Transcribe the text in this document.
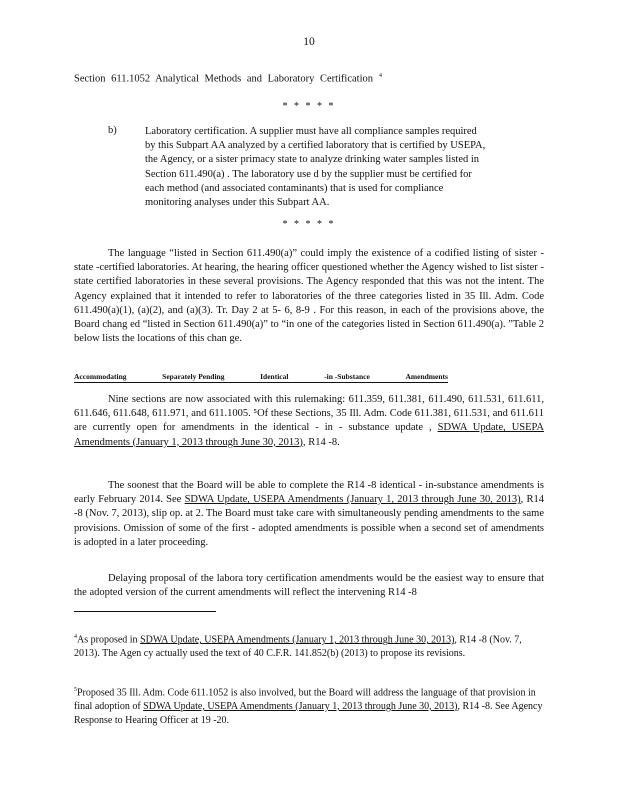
10
Section 611.1052 Analytical Methods and Laboratory Certification $^4$
* * * * *
b)	Laboratory certification. A supplier must have all compliance samples required

by this Subpart AA analyzed by a certified laboratory that is certified by USEPA,

the Agency, or a sister primacy state to analyze drinking water samples listed in

Section 611.490(a) . The laboratory use d by the supplier must be certified for

each method (and associated contaminants) that is used for compliance

monitoring analyses under this Subpart AA.

* * * * *
The language “listed in Section 611.490(a)” could imply the existence of a codified listing of sister -state -certified laboratories. At hearing, the hearing officer questioned whether the Agency wished to list sister -state certified laboratories in these several provisions. The Agency responded that this was not the intent. The Agency explained that it intended to refer to laboratories of the three categories listed in 35 Ill. Adm. Code 611.490(a)(1), (a)(2), and (a)(3). Tr. Day 2 at 5- 6, 8-9 . For this reason, in each of the provisions above, the Board chang ed “listed in Section 611.490(a)” to “in one of the categories listed in Section 611.490(a). ”Table 2 below lists the locations of this chan ge.
Accommodating	Separately Pending	Identical	-in -Substance	Amendments
Nine sections are now associated with this rulemaking: 611.359, 611.381, 611.490, 611.531, 611.611, 611.646, 611.648, 611.971, and 611.1005. ⁵Of these Sections, 35 Ill. Adm. Code 611.381, 611.531, and 611.611 are currently open for amendments in the identical - in - substance update , SDWA Update, USEPA Amendments (January 1, 2013 through June 30, 2013), R14 -8.
The soonest that the Board will be able to complete the R14 -8 identical - in-substance amendments is early February 2014. See SDWA Update, USEPA Amendments (January 1, 2013 through June 30, 2013), R14 -8 (Nov. 7, 2013), slip op. at 2. The Board must take care with simultaneously pending amendments to the same provisions. Omission of some of the first - adopted amendments is possible when a second set of amendments is adopted in a later proceeding.
Delaying proposal of the labora tory certification amendments would be the easiest way to ensure that the adopted version of the current amendments will reflect the intervening R14 -8
$^4$As proposed in SDWA Update, USEPA Amendments (January 1, 2013 through June 30, 2013), R14 -8 (Nov. 7, 2013). The Agen cy actually used the text of 40 C.F.R. 141.852(b) (2013) to propose its revisions.
$^5$Proposed 35 Ill. Adm. Code 611.1052 is also involved, but the Board will address the language of that provision in final adoption of SDWA Update, USEPA Amendments (January 1, 2013 through June 30, 2013), R14 -8. See Agency Response to Hearing Officer at 19 -20.
